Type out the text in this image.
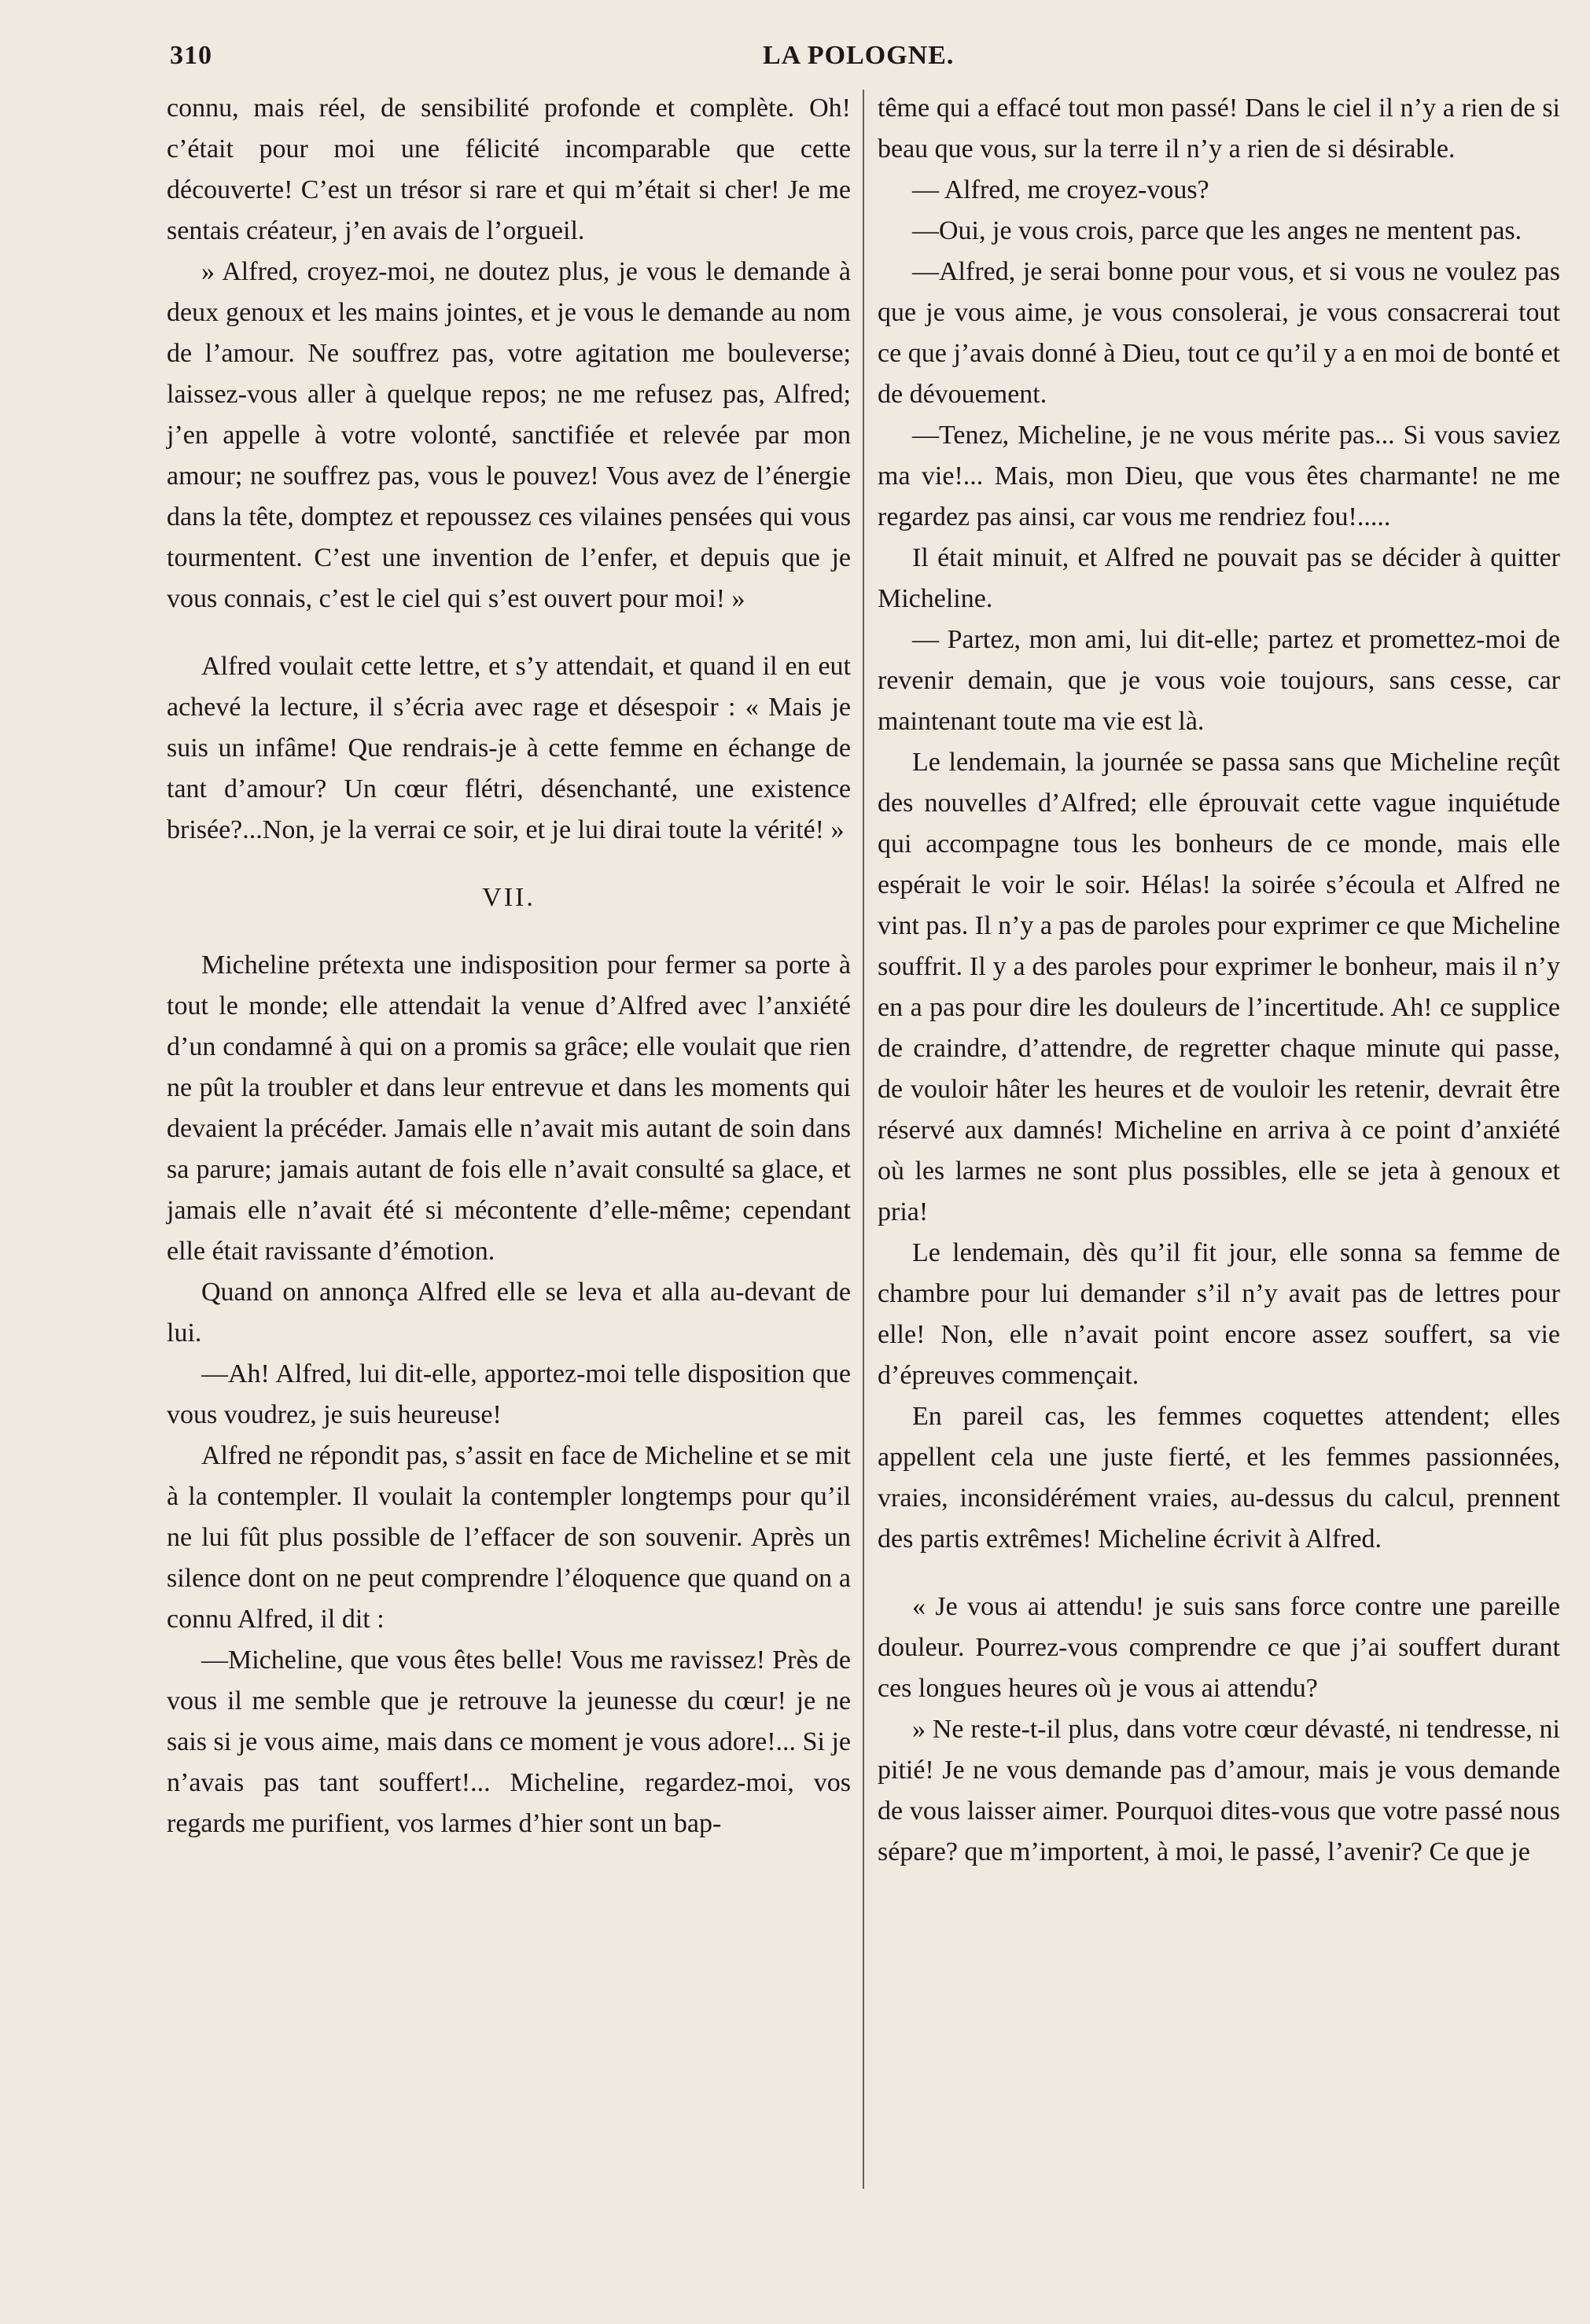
310	LA POLOGNE.

connu, mais réel, de sensibilité profonde et complète. Oh! c’était pour moi une félicité incomparable que cette découverte! C’est un trésor si rare et qui m’était si cher! Je me sentais créateur, j’en avais de l’orgueil.

» Alfred, croyez-moi, ne doutez plus, je vous le demande à deux genoux et les mains jointes, et je vous le demande au nom de l’amour. Ne souffrez pas, votre agitation me bouleverse; laissez-vous aller à quelque repos; ne me refusez pas, Alfred; j’en appelle à votre volonté, sanctifiée et relevée par mon amour; ne souffrez pas, vous le pouvez! Vous avez de l’énergie dans la tête, domptez et repoussez ces vilaines pensées qui vous tourmentent. C’est une invention de l’enfer, et depuis que je vous connais, c’est le ciel qui s’est ouvert pour moi! »

Alfred voulait cette lettre, et s’y attendait, et quand il en eut achevé la lecture, il s’écria avec rage et désespoir : « Mais je suis un infâme! Que rendrais-je à cette femme en échange de tant d’amour? Un cœur flétri, désenchanté, une existence brisée?...Non, je la verrai ce soir, et je lui dirai toute la vérité! »

VII.

Micheline prétexta une indisposition pour fermer sa porte à tout le monde; elle attendait la venue d’Alfred avec l’anxiété d’un condamné à qui on a promis sa grâce; elle voulait que rien ne pût la troubler et dans leur entrevue et dans les moments qui devaient la précéder. Jamais elle n’avait mis autant de soin dans sa parure; jamais autant de fois elle n’avait consulté sa glace, et jamais elle n’avait été si mécontente d’elle-même; cependant elle était ravissante d’émotion.

Quand on annonça Alfred elle se leva et alla au-devant de lui.

—Ah! Alfred, lui dit-elle, apportez-moi telle disposition que vous voudrez, je suis heureuse!

Alfred ne répondit pas, s’assit en face de Micheline et se mit à la contempler. Il voulait la contempler longtemps pour qu’il ne lui fût plus possible de l’effacer de son souvenir. Après un silence dont on ne peut comprendre l’éloquence que quand on a connu Alfred, il dit :

—Micheline, que vous êtes belle! Vous me ravissez! Près de vous il me semble que je retrouve la jeunesse du cœur! je ne sais si je vous aime, mais dans ce moment je vous adore!... Si je n’avais pas tant souffert!... Micheline, regardez-moi, vos regards me purifient, vos larmes d’hier sont un bap-

tême qui a effacé tout mon passé! Dans le ciel il n’y a rien de si beau que vous, sur la terre il n’y a rien de si désirable.

— Alfred, me croyez-vous?

—Oui, je vous crois, parce que les anges ne mentent pas.

—Alfred, je serai bonne pour vous, et si vous ne voulez pas que je vous aime, je vous consolerai, je vous consacrerai tout ce que j’avais donné à Dieu, tout ce qu’il y a en moi de bonté et de dévouement.

—Tenez, Micheline, je ne vous mérite pas... Si vous saviez ma vie!... Mais, mon Dieu, que vous êtes charmante! ne me regardez pas ainsi, car vous me rendriez fou!.....

Il était minuit, et Alfred ne pouvait pas se décider à quitter Micheline.

— Partez, mon ami, lui dit-elle; partez et promettez-moi de revenir demain, que je vous voie toujours, sans cesse, car maintenant toute ma vie est là.

Le lendemain, la journée se passa sans que Micheline reçût des nouvelles d’Alfred; elle éprouvait cette vague inquiétude qui accompagne tous les bonheurs de ce monde, mais elle espérait le voir le soir. Hélas! la soirée s’écoula et Alfred ne vint pas. Il n’y a pas de paroles pour exprimer ce que Micheline souffrit. Il y a des paroles pour exprimer le bonheur, mais il n’y en a pas pour dire les douleurs de l’incertitude. Ah! ce supplice de craindre, d’attendre, de regretter chaque minute qui passe, de vouloir hâter les heures et de vouloir les retenir, devrait être réservé aux damnés! Micheline en arriva à ce point d’anxiété où les larmes ne sont plus possibles, elle se jeta à genoux et pria!

Le lendemain, dès qu’il fit jour, elle sonna sa femme de chambre pour lui demander s’il n’y avait pas de lettres pour elle! Non, elle n’avait point encore assez souffert, sa vie d’épreuves commençait.

En pareil cas, les femmes coquettes attendent; elles appellent cela une juste fierté, et les femmes passionnées, vraies, inconsidérément vraies, au-dessus du calcul, prennent des partis extrêmes! Micheline écrivit à Alfred.

« Je vous ai attendu! je suis sans force contre une pareille douleur. Pourrez-vous comprendre ce que j’ai souffert durant ces longues heures où je vous ai attendu?

» Ne reste-t-il plus, dans votre cœur dévasté, ni tendresse, ni pitié! Je ne vous demande pas d’amour, mais je vous demande de vous laisser aimer. Pourquoi dites-vous que votre passé nous sépare? que m’importent, à moi, le passé, l’avenir? Ce que je
